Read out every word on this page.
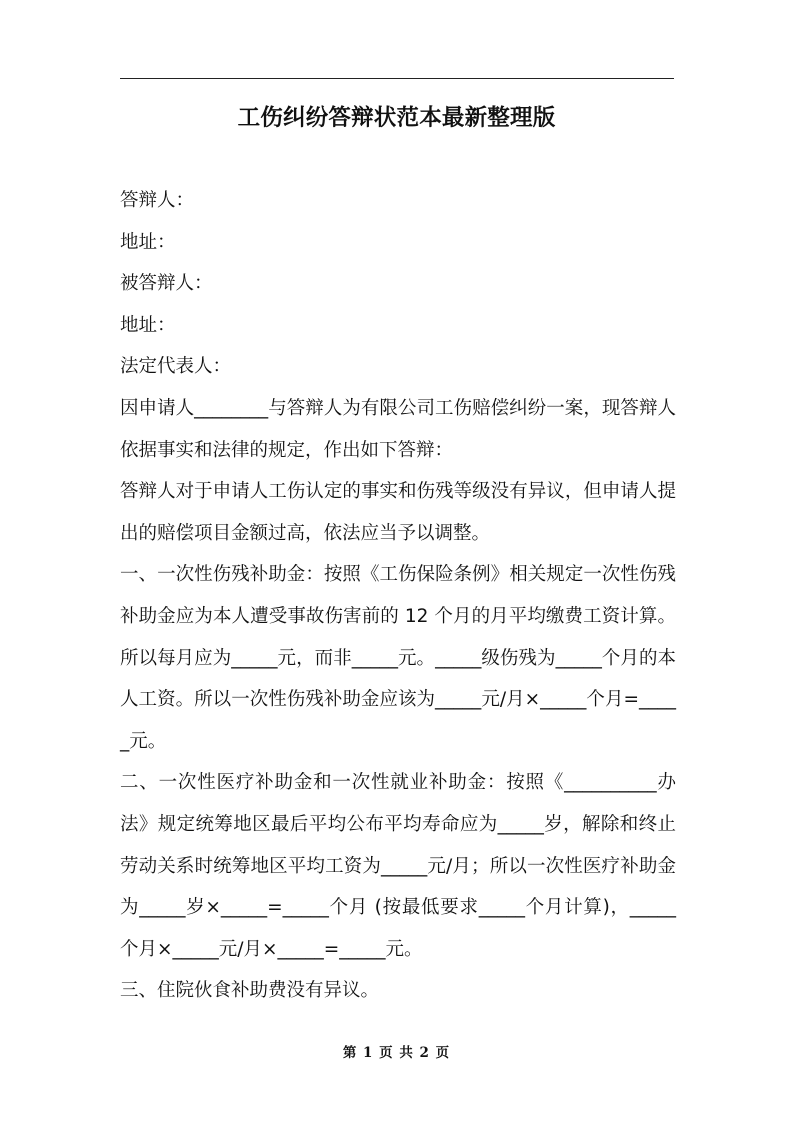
工伤纠纷答辩状范本最新整理版

答辩人：

地址：

被答辩人：

地址：

法定代表人：

因申请人________与答辩人为有限公司工伤赔偿纠纷一案，现答辩人依据事实和法律的规定，作出如下答辩：

答辩人对于申请人工伤认定的事实和伤残等级没有异议，但申请人提出的赔偿项目金额过高，依法应当予以调整。

一、一次性伤残补助金：按照《工伤保险条例》相关规定一次性伤残补助金应为本人遭受事故伤害前的 12 个月的月平均缴费工资计算。所以每月应为_____元，而非_____元。_____级伤残为_____个月的本人工资。所以一次性伤残补助金应该为_____元/月×_____个月=_____元。

二、一次性医疗补助金和一次性就业补助金：按照《__________办法》规定统筹地区最后平均公布平均寿命应为_____岁，解除和终止劳动关系时统筹地区平均工资为_____元/月；所以一次性医疗补助金为_____岁×_____=_____个月 (按最低要求_____个月计算)，_____个月×_____元/月×_____=_____元。

三、住院伙食补助费没有异议。

第 1 页 共 2 页
